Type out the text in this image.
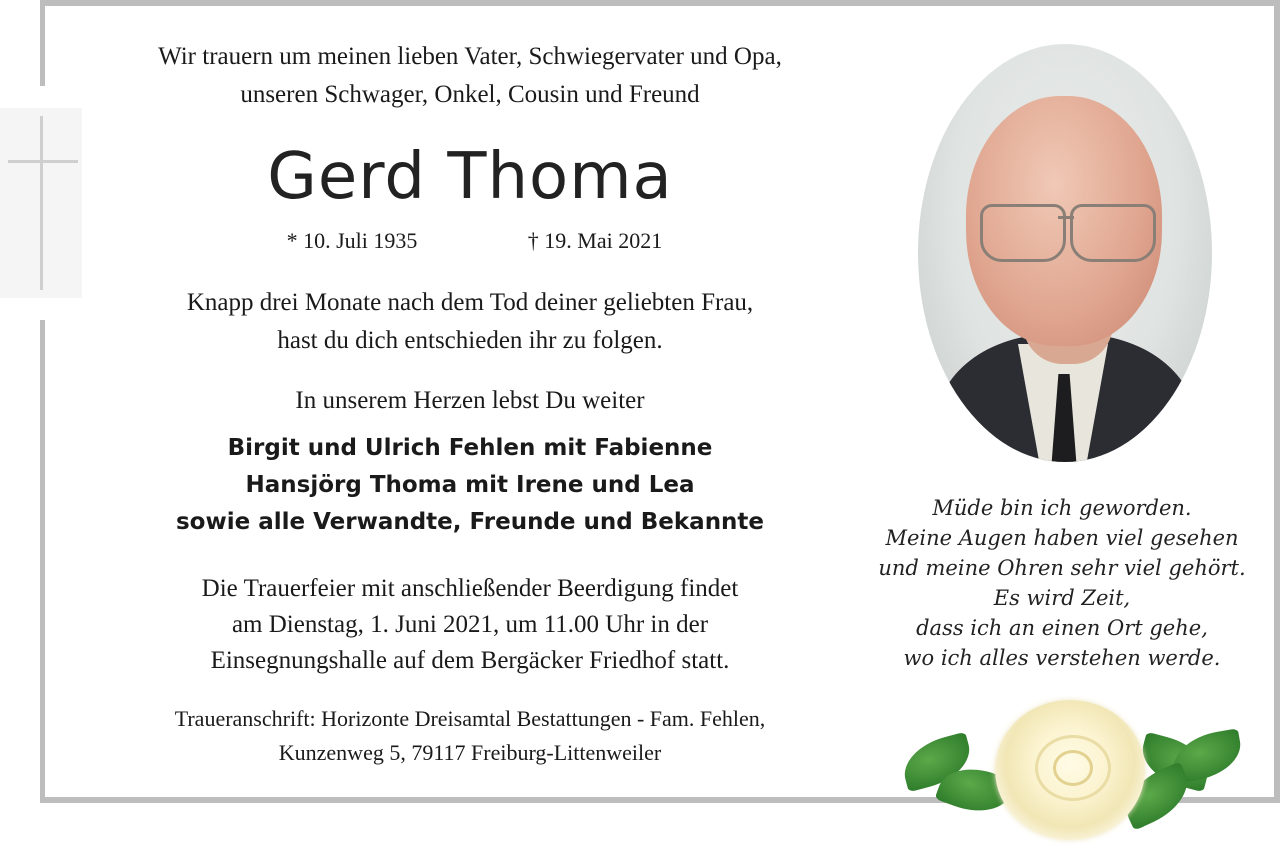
Wir trauern um meinen lieben Vater, Schwiegervater und Opa,
unseren Schwager, Onkel, Cousin und Freund
Gerd Thoma
* 10. Juli 1935	† 19. Mai 2021
Knapp drei Monate nach dem Tod deiner geliebten Frau,
hast du dich entschieden ihr zu folgen.
In unserem Herzen lebst Du weiter
Birgit und Ulrich Fehlen mit Fabienne
Hansjörg Thoma mit Irene und Lea
sowie alle Verwandte, Freunde und Bekannte
Die Trauerfeier mit anschließender Beerdigung findet
am Dienstag, 1. Juni 2021, um 11.00 Uhr in der
Einsegnungshalle auf dem Bergäcker Friedhof statt.
Traueranschrift: Horizonte Dreisamtal Bestattungen - Fam. Fehlen,
Kunzenweg 5, 79117 Freiburg-Littenweiler
Müde bin ich geworden.
Meine Augen haben viel gesehen
und meine Ohren sehr viel gehört.
Es wird Zeit,
dass ich an einen Ort gehe,
wo ich alles verstehen werde.
